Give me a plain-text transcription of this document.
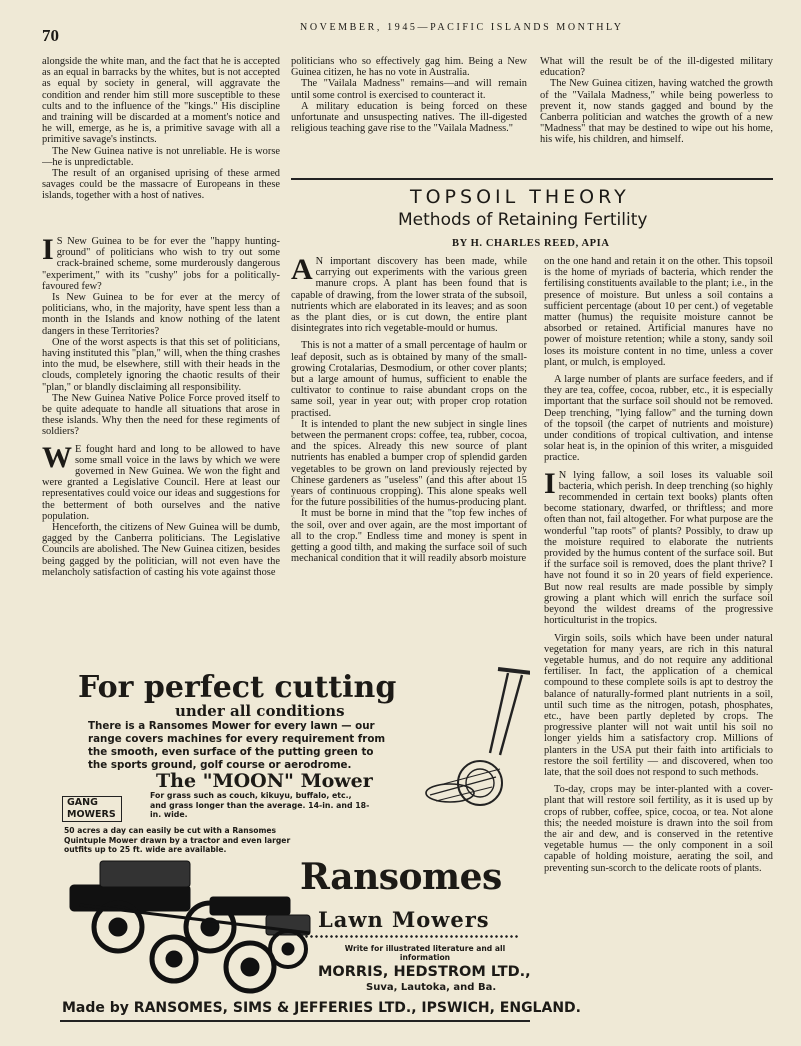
70	NOVEMBER, 1945—PACIFIC ISLANDS MONTHLY

alongside the white man, and the fact that he is accepted as an equal in barracks by the whites, but is not accepted as equal by society in general, will aggravate the condition and render him still more susceptible to these cults and to the influence of the "kings." His discipline and training will be discarded at a moment's notice and he will, emerge, as he is, a primitive savage with all a primitive savage's instincts.

The New Guinea native is not unreliable. He is worse—he is unpredictable.

The result of an organised uprising of these armed savages could be the massacre of Europeans in these islands, together with a host of natives.

politicians who so effectively gag him. Being a New Guinea citizen, he has no vote in Australia.

The "Vailala Madness" remains—and will remain until some control is exercised to counteract it.

A military education is being forced on these unfortunate and unsuspecting natives. The ill-digested religious teaching gave rise to the "Vailala Madness."

What will the result be of the ill-digested military education?

The New Guinea citizen, having watched the growth of the "Vailala Madness," while being powerless to prevent it, now stands gagged and bound by the Canberra politician and watches the growth of a new "Madness" that may be destined to wipe out his home, his wife, his children, and himself.

TOPSOIL THEORY
Methods of Retaining Fertility
BY H. CHARLES REED, APIA

I S New Guinea to be for ever the "happy hunting-ground" of politicians who wish to try out some crack-brained scheme, some murderously dangerous "experiment," with its "cushy" jobs for a politically-favoured few?

Is New Guinea to be for ever at the mercy of politicians, who, in the majority, have spent less than a month in the Islands and know nothing of the latent dangers in these Territories?

One of the worst aspects is that this set of politicians, having instituted this "plan," will, when the thing crashes into the mud, be elsewhere, still with their heads in the clouds, completely ignoring the chaotic results of their "plan," or blandly disclaiming all responsibility.

The New Guinea Native Police Force proved itself to be quite adequate to handle all situations that arose in these islands. Why then the need for these regiments of soldiers?

W E fought hard and long to be allowed to have some small voice in the laws by which we were governed in New Guinea. We won the fight and were granted a Legislative Council. Here at least our representatives could voice our ideas and suggestions for the betterment of both ourselves and the native population.

Henceforth, the citizens of New Guinea will be dumb, gagged by the Canberra politicians. The Legislative Councils are abolished. The New Guinea citizen, besides being gagged by the politician, will not even have the melancholy satisfaction of casting his vote against those

A N important discovery has been made, while carrying out experiments with the various green manure crops. A plant has been found that is capable of drawing, from the lower strata of the subsoil, nutrients which are elaborated in its leaves; and as soon as the plant dies, or is cut down, the entire plant disintegrates into rich vegetable-mould or humus.

This is not a matter of a small percentage of haulm or leaf deposit, such as is obtained by many of the small-growing Crotalarias, Desmodium, or other cover plants; but a large amount of humus, sufficient to enable the cultivator to continue to raise abundant crops on the same soil, year in year out; with proper crop rotation practised.

It is intended to plant the new subject in single lines between the permanent crops: coffee, tea, rubber, cocoa, and the spices. Already this new source of plant nutrients has enabled a bumper crop of splendid garden vegetables to be grown on land previously rejected by Chinese gardeners as "useless" (and this after about 15 years of continuous cropping). This alone speaks well for the future possibilities of the humus-producing plant.

It must be borne in mind that the "top few inches of the soil, over and over again, are the most important of all to the crop." Endless time and money is spent in getting a good tilth, and making the surface soil of such mechanical condition that it will readily absorb moisture

on the one hand and retain it on the other. This topsoil is the home of myriads of bacteria, which render the fertilising constituents available to the plant; i.e., in the presence of moisture. But unless a soil contains a sufficient percentage (about 10 per cent.) of vegetable matter (humus) the requisite moisture cannot be absorbed or retained. Artificial manures have no power of moisture retention; while a stony, sandy soil loses its moisture content in no time, unless a cover plant, or mulch, is employed.

A large number of plants are surface feeders, and if they are tea, coffee, cocoa, rubber, etc., it is especially important that the surface soil should not be removed. Deep trenching, "lying fallow" and the turning down of the topsoil (the carpet of nutrients and moisture) under conditions of tropical cultivation, and intense solar heat is, in the opinion of this writer, a misguided practice.

I N lying fallow, a soil loses its valuable soil bacteria, which perish. In deep trenching (so highly recommended in certain text books) plants often become stationary, dwarfed, or thriftless; and more often than not, fail altogether. For what purpose are the wonderful "tap roots" of plants? Possibly, to draw up the moisture required to elaborate the nutrients provided by the humus content of the surface soil. But if the surface soil is removed, does the plant thrive? I have not found it so in 20 years of field experience. But now real results are made possible by simply growing a plant which will enrich the surface soil beyond the wildest dreams of the progressive horticulturist in the tropics.

Virgin soils, soils which have been under natural vegetation for many years, are rich in this natural vegetable humus, and do not require any additional fertiliser. In fact, the application of a chemical compound to these complete soils is apt to destroy the balance of naturally-formed plant nutrients in a soil, until such time as the nitrogen, potash, phosphates, etc., have been partly depleted by crops. The progressive planter will not wait until his soil no longer yields him a satisfactory crop. Millions of planters in the USA put their faith into artificials to restore the soil fertility — and discovered, when too late, that the soil does not respond to such methods.

To-day, crops may be inter-planted with a cover-plant that will restore soil fertility, as it is used up by crops of rubber, coffee, spice, cocoa, or tea. Not alone this; the needed moisture is drawn into the soil from the air and dew, and is conserved in the retentive vegetable humus — the only component in a soil capable of holding moisture, aerating the soil, and preventing sun-scorch to the delicate roots of plants.

For perfect cutting
under all conditions
There is a Ransomes Mower for every lawn — our range covers machines for every requirement from the smooth, even surface of the putting green to the sports ground, golf course or aerodrome.
The "MOON" Mower
GANG
MOWERS
For grass such as couch, kikuyu, buffalo, etc., and grass longer than the average. 14-in. and 18-in. wide.
50 acres a day can easily be cut with a Ransomes Quintuple Mower drawn by a tractor and even larger outfits up to 25 ft. wide are available.
Ransomes
Lawn Mowers
Write for illustrated literature and all information
MORRIS, HEDSTROM LTD.,
Suva, Lautoka, and Ba.
Made by RANSOMES, SIMS & JEFFERIES LTD., IPSWICH, ENGLAND.
